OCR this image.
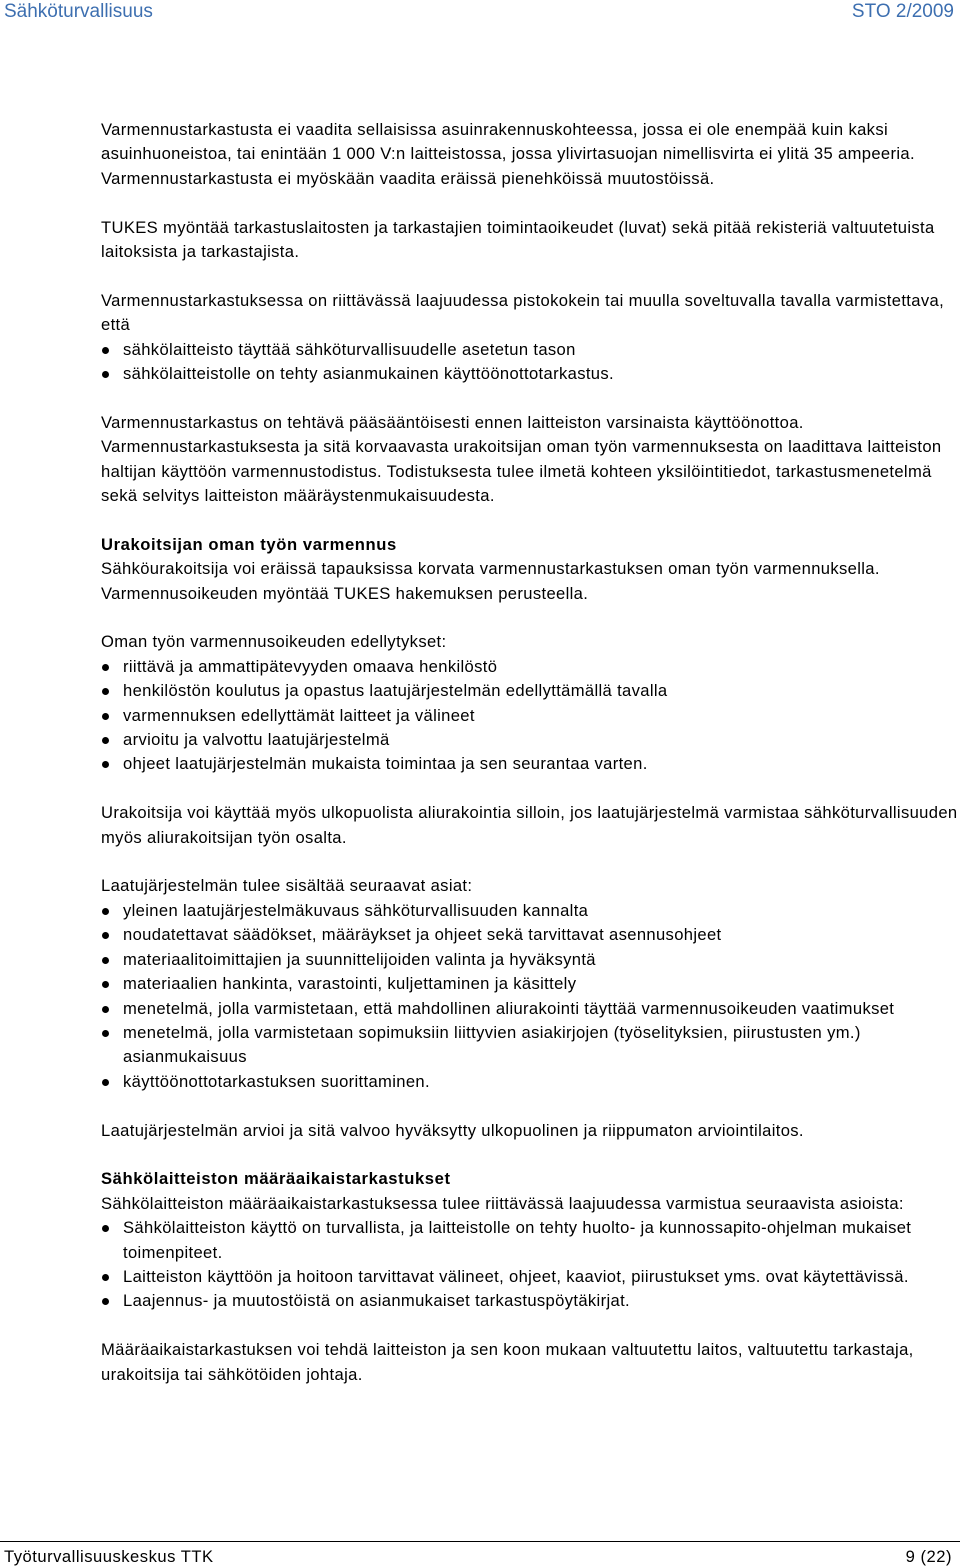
Sähköturvallisuus	STO 2/2009

Varmennustarkastusta ei vaadita sellaisissa asuinrakennuskohteessa, jossa ei ole enempää kuin kaksi asuinhuoneistoa, tai enintään 1 000 V:n laitteistossa, jossa ylivirtasuojan nimellisvirta ei ylitä 35 ampeeria. Varmennustarkastusta ei myöskään vaadita eräissä pienehköissä muutostöissä.

TUKES myöntää tarkastuslaitosten ja tarkastajien toimintaoikeudet (luvat) sekä pitää rekisteriä valtuutetuista laitoksista ja tarkastajista.

Varmennustarkastuksessa on riittävässä laajuudessa pistokokein tai muulla soveltuvalla tavalla varmistettava, että

sähkölaitteisto täyttää sähköturvallisuudelle asetetun tason
sähkölaitteistolle on tehty asianmukainen käyttöönottotarkastus.

Varmennustarkastus on tehtävä pääsääntöisesti ennen laitteiston varsinaista käyttöönottoa. Varmennustarkastuksesta ja sitä korvaavasta urakoitsijan oman työn varmennuksesta on laadittava laitteiston haltijan käyttöön varmennustodistus. Todistuksesta tulee ilmetä kohteen yksilöintitiedot, tarkastusmenetelmä sekä selvitys laitteiston määräystenmukaisuudesta.

Urakoitsijan oman työn varmennus

Sähköurakoitsija voi eräissä tapauksissa korvata varmennustarkastuksen oman työn varmennuksella. Varmennusoikeuden myöntää TUKES hakemuksen perusteella.

Oman työn varmennusoikeuden edellytykset:

riittävä ja ammattipätevyyden omaava henkilöstö
henkilöstön koulutus ja opastus laatujärjestelmän edellyttämällä tavalla
varmennuksen edellyttämät laitteet ja välineet
arvioitu ja valvottu laatujärjestelmä
ohjeet laatujärjestelmän mukaista toimintaa ja sen seurantaa varten.

Urakoitsija voi käyttää myös ulkopuolista aliurakointia silloin, jos laatujärjestelmä varmistaa sähköturvallisuuden myös aliurakoitsijan työn osalta.

Laatujärjestelmän tulee sisältää seuraavat asiat:

yleinen laatujärjestelmäkuvaus sähköturvallisuuden kannalta
noudatettavat säädökset, määräykset ja ohjeet sekä tarvittavat asennusohjeet
materiaalitoimittajien ja suunnittelijoiden valinta ja hyväksyntä
materiaalien hankinta, varastointi, kuljettaminen ja käsittely
menetelmä, jolla varmistetaan, että mahdollinen aliurakointi täyttää varmennusoikeuden vaatimukset
menetelmä, jolla varmistetaan sopimuksiin liittyvien asiakirjojen (työselityksien, piirustusten ym.) asianmukaisuus
käyttöönottotarkastuksen suorittaminen.

Laatujärjestelmän arvioi ja sitä valvoo hyväksytty ulkopuolinen ja riippumaton arviointilaitos.

Sähkölaitteiston määräaikaistarkastukset

Sähkölaitteiston määräaikaistarkastuksessa tulee riittävässä laajuudessa varmistua seuraavista asioista:

Sähkölaitteiston käyttö on turvallista, ja laitteistolle on tehty huolto- ja kunnossapito-ohjelman mukaiset toimenpiteet.
Laitteiston käyttöön ja hoitoon tarvittavat välineet, ohjeet, kaaviot, piirustukset yms. ovat käytettävissä.
Laajennus- ja muutostöistä on asianmukaiset tarkastuspöytäkirjat.

Määräaikaistarkastuksen voi tehdä laitteiston ja sen koon mukaan valtuutettu laitos, valtuutettu tarkastaja, urakoitsija tai sähkötöiden johtaja.

Työturvallisuuskeskus TTK	9 (22)
